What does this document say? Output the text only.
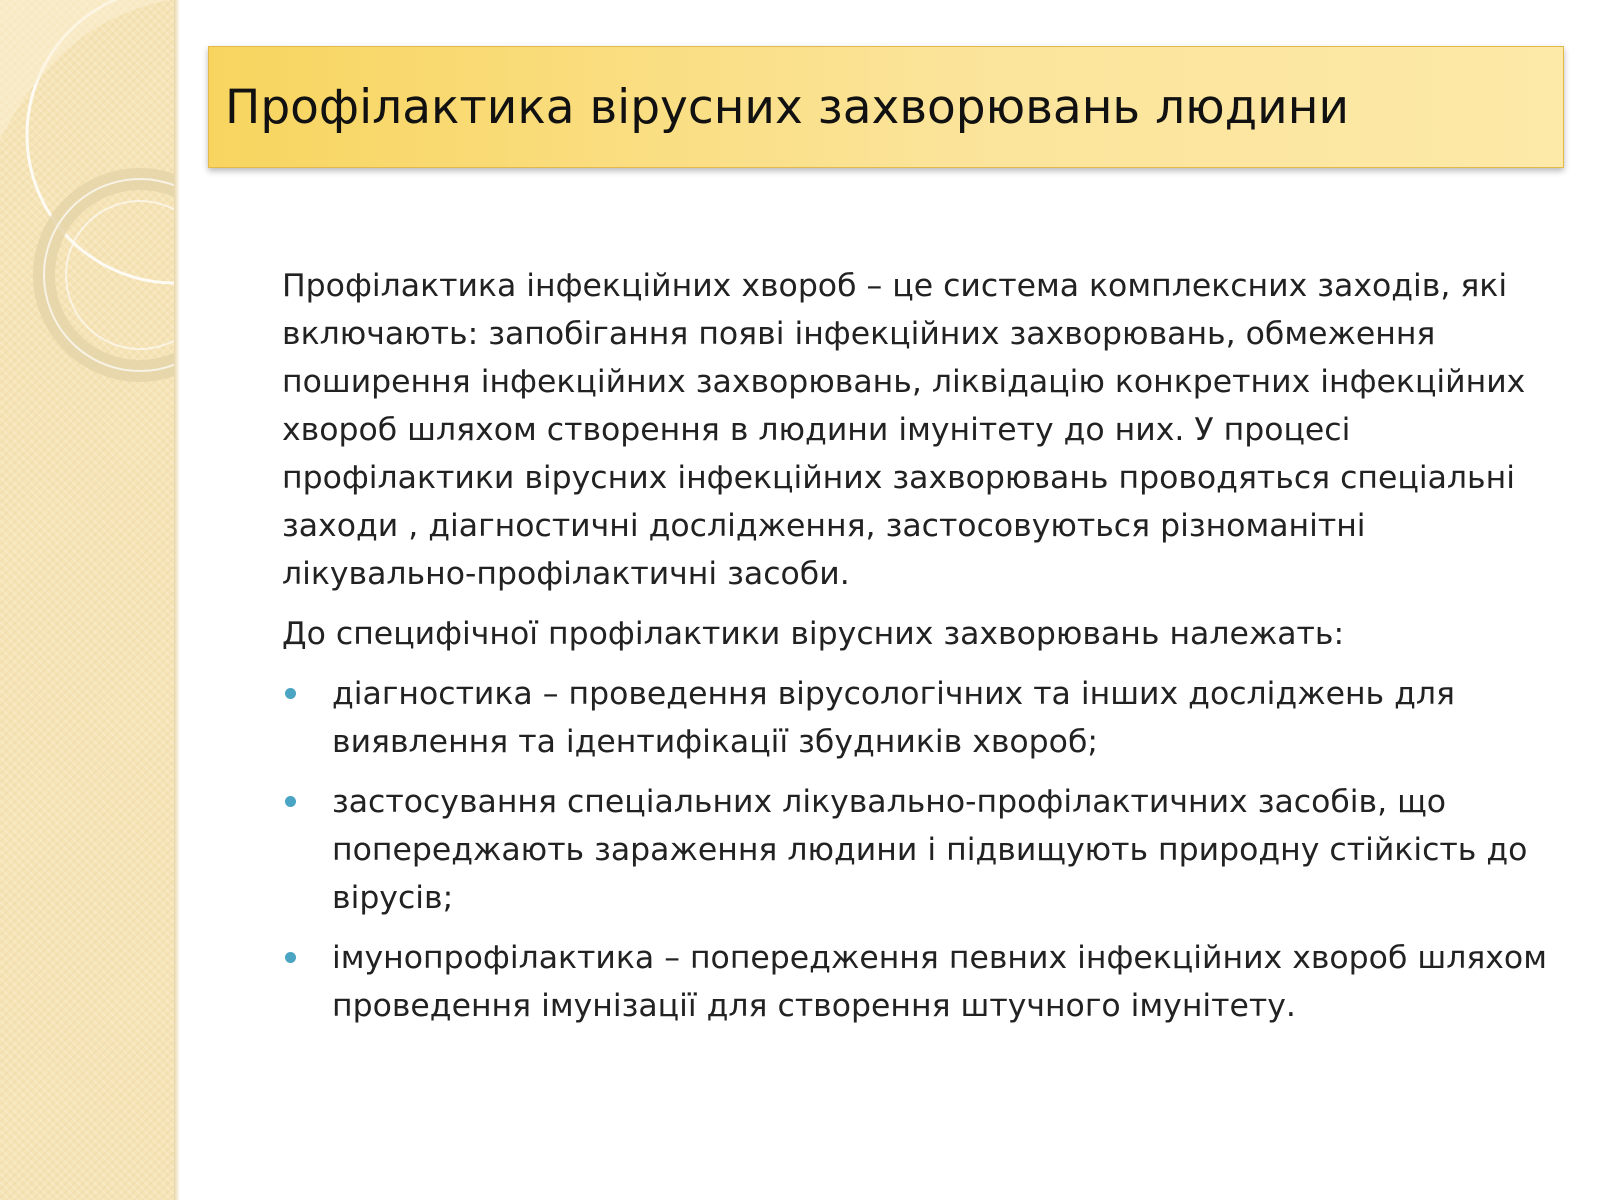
Профілактика вірусних захворювань людини

Профілактика інфекційних хвороб – це система комплексних заходів, які включають: запобігання появі інфекційних захворювань, обмеження поширення інфекційних захворювань, ліквідацію конкретних інфекційних хвороб шляхом створення в людини імунітету до них. У процесі профілактики вірусних інфекційних захворювань проводяться спеціальні заходи , діагностичні дослідження, застосовуються різноманітні лікувально-профілактичні засоби.

До специфічної профілактики вірусних захворювань належать:

діагностика – проведення вірусологічних та інших досліджень для виявлення та ідентифікації збудників хвороб;
застосування спеціальних лікувально-профілактичних засобів, що попереджають зараження людини і підвищують природну стійкість до вірусів;
імунопрофілактика – попередження певних інфекційних хвороб шляхом проведення імунізації для створення штучного імунітету.
